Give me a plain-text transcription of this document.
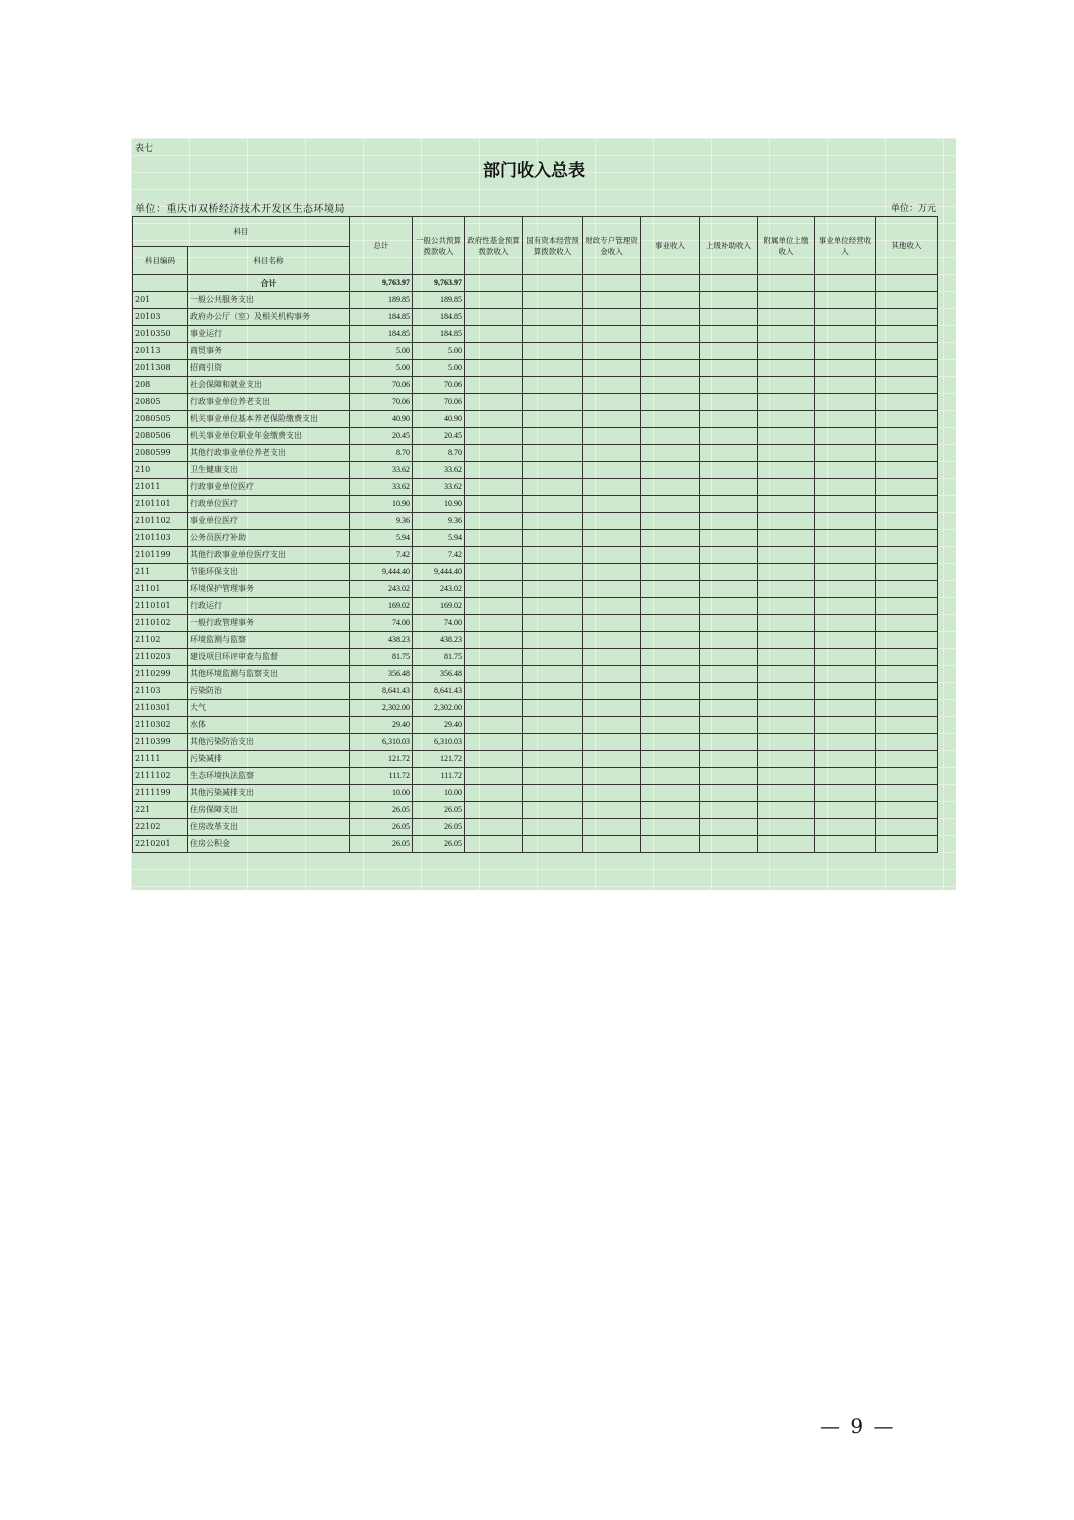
表七
部门收入总表
单位：重庆市双桥经济技术开发区生态环境局	单位：万元
科目		总计	一般公共预算拨款收入	政府性基金预算拨款收入	国有资本经营预算拨款收入	财政专户管理资金收入	事业收入	上级补助收入	附属单位上缴收入	事业单位经营收入	其他收入
科目编码	科目名称										
	合计	9,763.97	9,763.97								
201	一般公共服务支出	189.85	189.85								
20103	政府办公厅（室）及相关机构事务	184.85	184.85								
2010350	事业运行	184.85	184.85								
20113	商贸事务	5.00	5.00								
2011308	招商引资	5.00	5.00								
208	社会保障和就业支出	70.06	70.06								
20805	行政事业单位养老支出	70.06	70.06								
2080505	机关事业单位基本养老保险缴费支出	40.90	40.90								
2080506	机关事业单位职业年金缴费支出	20.45	20.45								
2080599	其他行政事业单位养老支出	8.70	8.70								
210	卫生健康支出	33.62	33.62								
21011	行政事业单位医疗	33.62	33.62								
2101101	行政单位医疗	10.90	10.90								
2101102	事业单位医疗	9.36	9.36								
2101103	公务员医疗补助	5.94	5.94								
2101199	其他行政事业单位医疗支出	7.42	7.42								
211	节能环保支出	9,444.40	9,444.40								
21101	环境保护管理事务	243.02	243.02								
2110101	行政运行	169.02	169.02								
2110102	一般行政管理事务	74.00	74.00								
21102	环境监测与监察	438.23	438.23								
2110203	建设项目环评审查与监督	81.75	81.75								
2110299	其他环境监测与监察支出	356.48	356.48								
21103	污染防治	8,641.43	8,641.43								
2110301	大气	2,302.00	2,302.00								
2110302	水体	29.40	29.40								
2110399	其他污染防治支出	6,310.03	6,310.03								
21111	污染减排	121.72	121.72								
2111102	生态环境执法监察	111.72	111.72								
2111199	其他污染减排支出	10.00	10.00								
221	住房保障支出	26.05	26.05								
22102	住房改革支出	26.05	26.05								
2210201	住房公积金	26.05	26.05								
— 9 —
